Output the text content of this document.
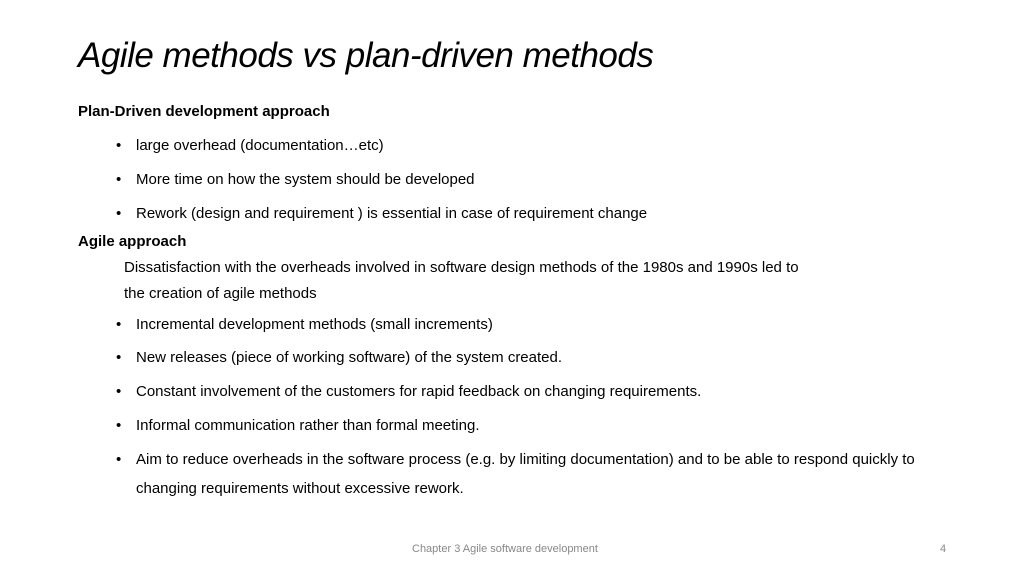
Agile methods vs plan-driven methods
Plan-Driven development approach
• large overhead (documentation…etc)
• More time on how the system should be developed
• Rework (design and requirement ) is essential in case of requirement change
Agile approach
Dissatisfaction with the overheads involved in software design methods of the 1980s and 1990s led to
the creation of agile methods
• Incremental development methods (small increments)
• New releases (piece of working software) of the system created.
• Constant involvement of the customers for rapid feedback on changing requirements.
• Informal communication rather than formal meeting.
• Aim to reduce overheads in the software process (e.g. by limiting documentation) and to be able to respond quickly to changing requirements without excessive rework.
Chapter 3 Agile software development	4
